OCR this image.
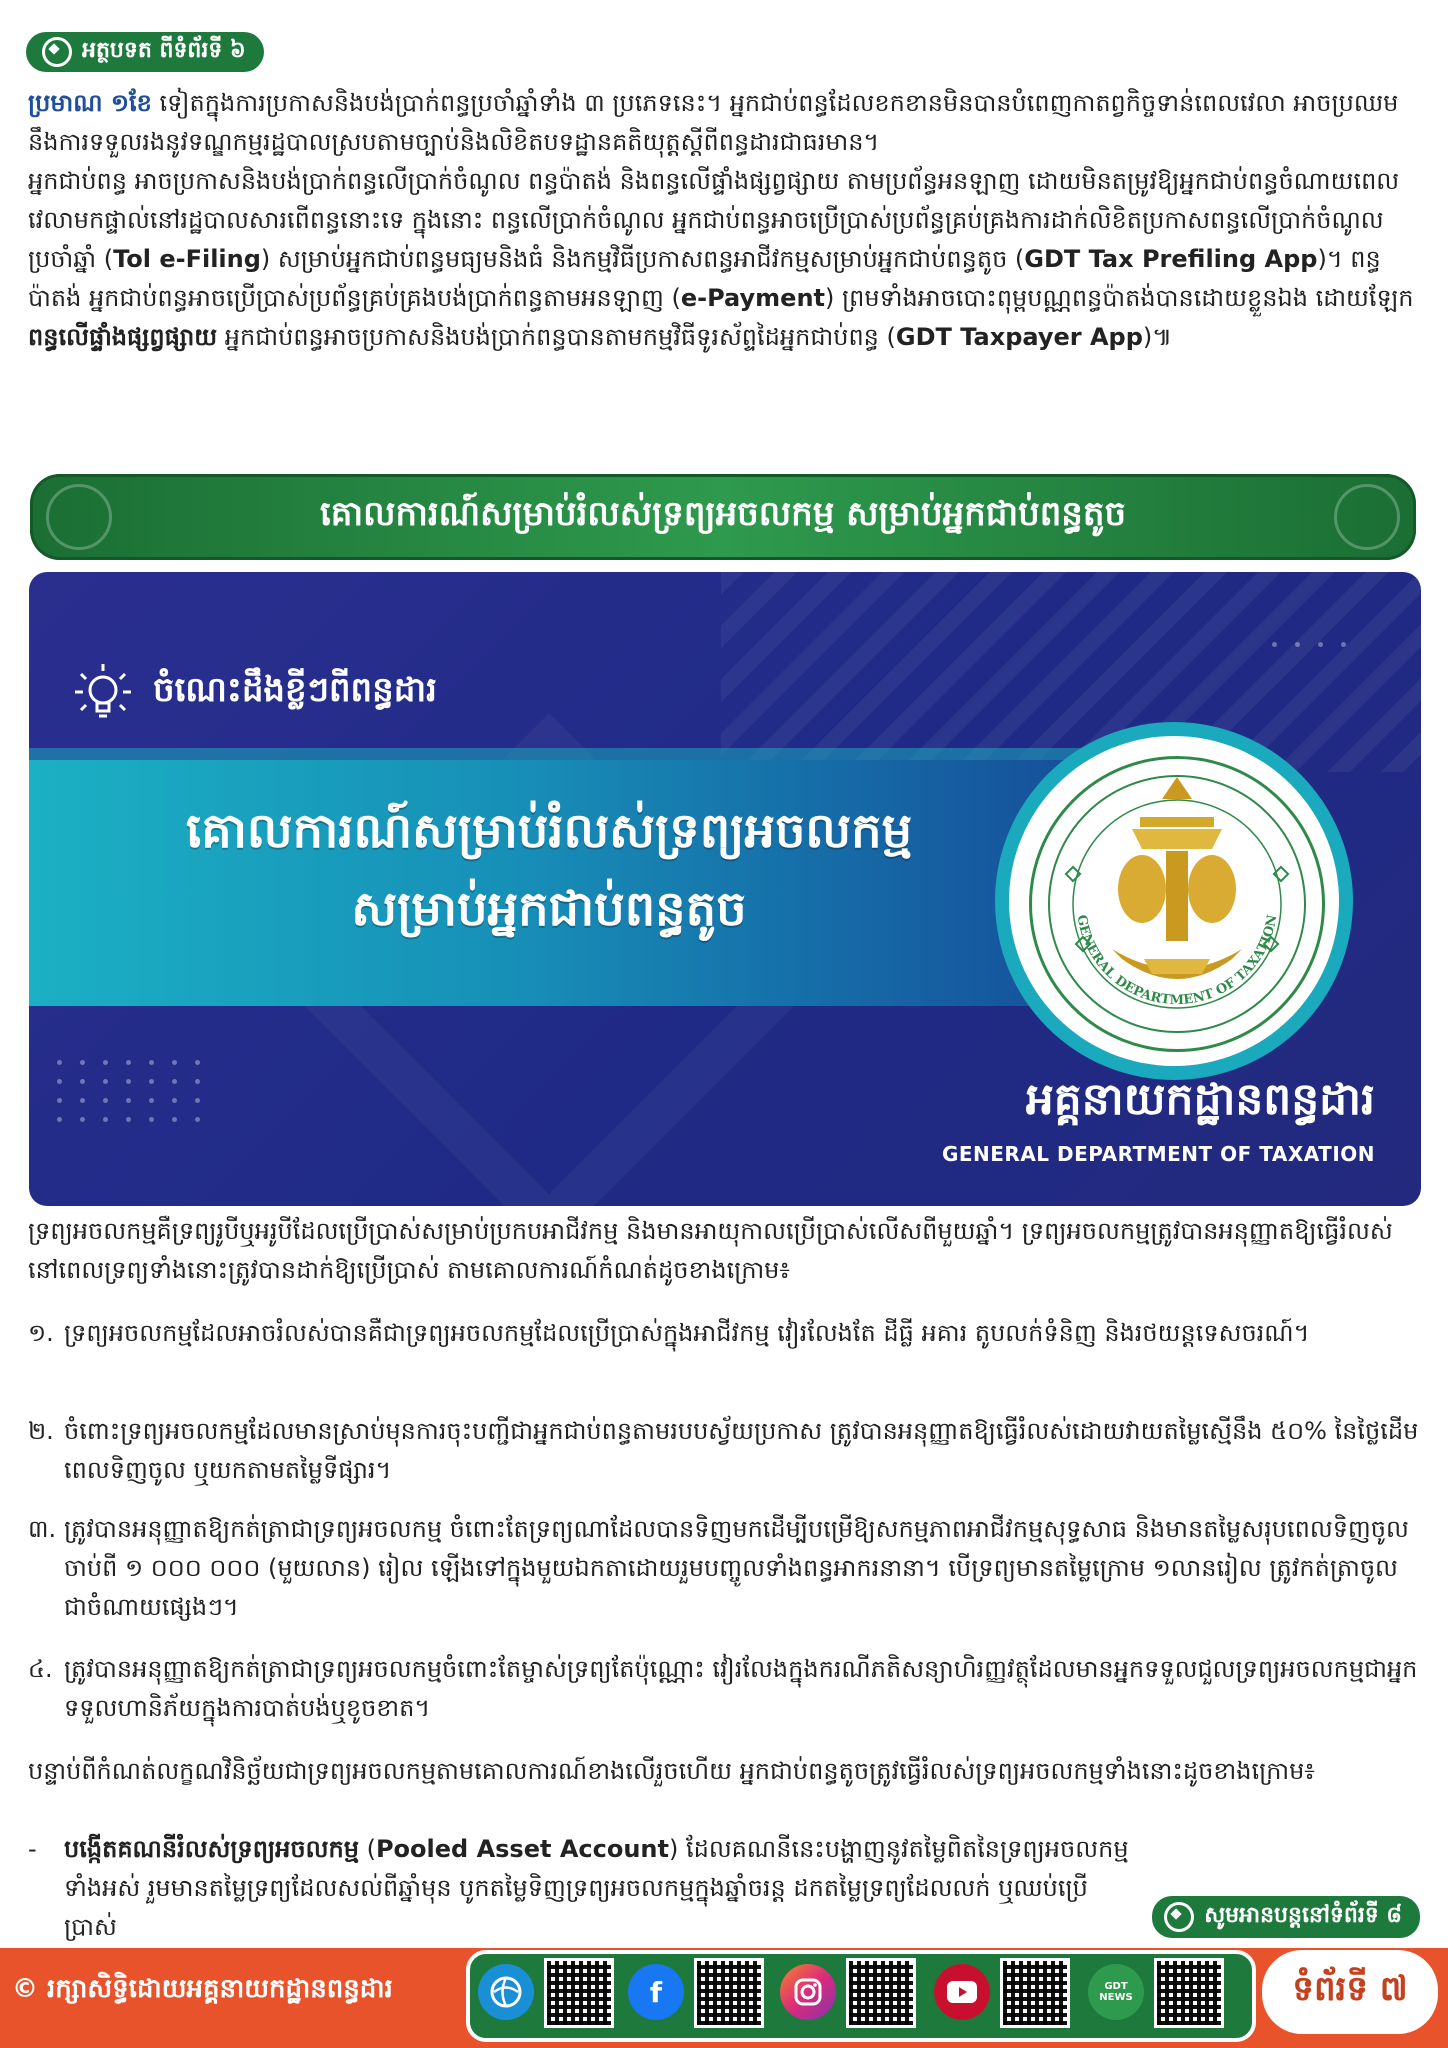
អត្ថបទត ពីទំព័រទី ៦
ប្រមាណ ១ខែ ទៀតក្នុងការប្រកាសនិងបង់ប្រាក់ពន្ធប្រចាំឆ្នាំទាំង ៣ ប្រភេទនេះ។ អ្នកជាប់ពន្ធដែលខកខានមិនបានបំពេញកាតព្វកិច្ចទាន់ពេលវេលា អាចប្រឈមនឹងការទទួលរងនូវទណ្ឌកម្មរដ្ឋបាលស្របតាមច្បាប់និងលិខិតបទដ្ឋានគតិយុត្តស្តីពីពន្ធដារជាធរមាន។
អ្នកជាប់ពន្ធ អាចប្រកាសនិងបង់ប្រាក់ពន្ធលើប្រាក់ចំណូល ពន្ធប៉ាតង់ និងពន្ធលើផ្ទាំងផ្សព្វផ្សាយ តាមប្រព័ន្ធអនឡាញ ដោយមិនតម្រូវឱ្យអ្នកជាប់ពន្ធចំណាយពេលវេលាមកផ្ទាល់នៅរដ្ឋបាលសារពើពន្ធនោះទេ ក្នុងនោះ ពន្ធលើប្រាក់ចំណូល អ្នកជាប់ពន្ធអាចប្រើប្រាស់ប្រព័ន្ធគ្រប់គ្រងការដាក់លិខិតប្រកាសពន្ធលើប្រាក់ចំណូលប្រចាំឆ្នាំ (Tol e-Filing) សម្រាប់អ្នកជាប់ពន្ធមធ្យមនិងធំ និងកម្មវិធីប្រកាសពន្ធអាជីវកម្មសម្រាប់អ្នកជាប់ពន្ធតូច (GDT Tax Prefiling App)។ ពន្ធប៉ាតង់ អ្នកជាប់ពន្ធអាចប្រើប្រាស់ប្រព័ន្ធគ្រប់គ្រងបង់ប្រាក់ពន្ធតាមអនឡាញ (e-Payment) ព្រមទាំងអាចបោះពុម្ពបណ្ណពន្ធប៉ាតង់បានដោយខ្លួនឯង ដោយឡែក ពន្ធលើផ្ទាំងផ្សព្វផ្សាយ អ្នកជាប់ពន្ធអាចប្រកាសនិងបង់ប្រាក់ពន្ធបានតាមកម្មវិធីទូរស័ព្ទដៃអ្នកជាប់ពន្ធ (GDT Taxpayer App)៕
គោលការណ៍សម្រាប់រំលស់ទ្រព្យអចលកម្ម សម្រាប់អ្នកជាប់ពន្ធតូច
ចំណេះដឹងខ្លីៗពីពន្ធដារ
គោលការណ៍សម្រាប់រំលស់ទ្រព្យអចលកម្ម
សម្រាប់អ្នកជាប់ពន្ធតូច	GENERAL DEPARTMENT OF TAXATION
អគ្គនាយកដ្ឋានពន្ធដារ
GENERAL DEPARTMENT OF TAXATION
ទ្រព្យអចលកម្មគឺទ្រព្យរូបីឬអរូបីដែលប្រើប្រាស់សម្រាប់ប្រកបអាជីវកម្ម និងមានអាយុកាលប្រើប្រាស់លើសពីមួយឆ្នាំ។ ទ្រព្យអចលកម្មត្រូវបានអនុញ្ញាតឱ្យធ្វើរំលស់នៅពេលទ្រព្យទាំងនោះត្រូវបានដាក់ឱ្យប្រើប្រាស់ តាមគោលការណ៍កំណត់ដូចខាងក្រោម៖
១. ទ្រព្យអចលកម្មដែលអាចរំលស់បានគឺជាទ្រព្យអចលកម្មដែលប្រើប្រាស់ក្នុងអាជីវកម្ម វៀរលែងតែ ដីធ្លី អគារ តូបលក់ទំនិញ និងរថយន្តទេសចរណ៍។
២. ចំពោះទ្រព្យអចលកម្មដែលមានស្រាប់មុនការចុះបញ្ជីជាអ្នកជាប់ពន្ធតាមរបបស្វ័យប្រកាស ត្រូវបានអនុញ្ញាតឱ្យធ្វើរំលស់ដោយវាយតម្លៃស្មើនឹង ៥០% នៃថ្លៃដើមពេលទិញចូល ឬយកតាមតម្លៃទីផ្សារ។
៣. ត្រូវបានអនុញ្ញាតឱ្យកត់ត្រាជាទ្រព្យអចលកម្ម ចំពោះតែទ្រព្យណាដែលបានទិញមកដើម្បីបម្រើឱ្យសកម្មភាពអាជីវកម្មសុទ្ធសាធ និងមានតម្លៃសរុបពេលទិញចូល ចាប់ពី ១ ០០០ ០០០ (មួយលាន) រៀល ឡើងទៅក្នុងមួយឯកតាដោយរួមបញ្ចូលទាំងពន្ធអាករនានា។ បើទ្រព្យមានតម្លៃក្រោម ១លានរៀល ត្រូវកត់ត្រាចូលជាចំណាយផ្សេងៗ។
៤. ត្រូវបានអនុញ្ញាតឱ្យកត់ត្រាជាទ្រព្យអចលកម្មចំពោះតែម្ចាស់ទ្រព្យតែប៉ុណ្ណោះ វៀរលែងក្នុងករណីភតិសន្យាហិរញ្ញវត្ថុដែលមានអ្នកទទួលជួលទ្រព្យអចលកម្មជាអ្នកទទួលហានិភ័យក្នុងការបាត់បង់ឬខូចខាត។
បន្ទាប់ពីកំណត់លក្ខណវិនិច្ឆ័យជាទ្រព្យអចលកម្មតាមគោលការណ៍ខាងលើរួចហើយ អ្នកជាប់ពន្ធតូចត្រូវធ្វើរំលស់ទ្រព្យអចលកម្មទាំងនោះដូចខាងក្រោម៖
- បង្កើតគណនីរំលស់ទ្រព្យអចលកម្ម (Pooled Asset Account) ដែលគណនីនេះបង្ហាញនូវតម្លៃពិតនៃទ្រព្យអចលកម្មទាំងអស់ រួមមានតម្លៃទ្រព្យដែលសល់ពីឆ្នាំមុន បូកតម្លៃទិញទ្រព្យអចលកម្មក្នុងឆ្នាំចរន្ត ដកតម្លៃទ្រព្យដែលលក់ ឬឈប់ប្រើប្រាស់	សូមអានបន្តនៅទំព័រទី ៨
© រក្សាសិទ្ធិដោយអគ្គនាយកដ្ឋានពន្ធដារ	f	GDT NEWS	ទំព័រទី ៧
